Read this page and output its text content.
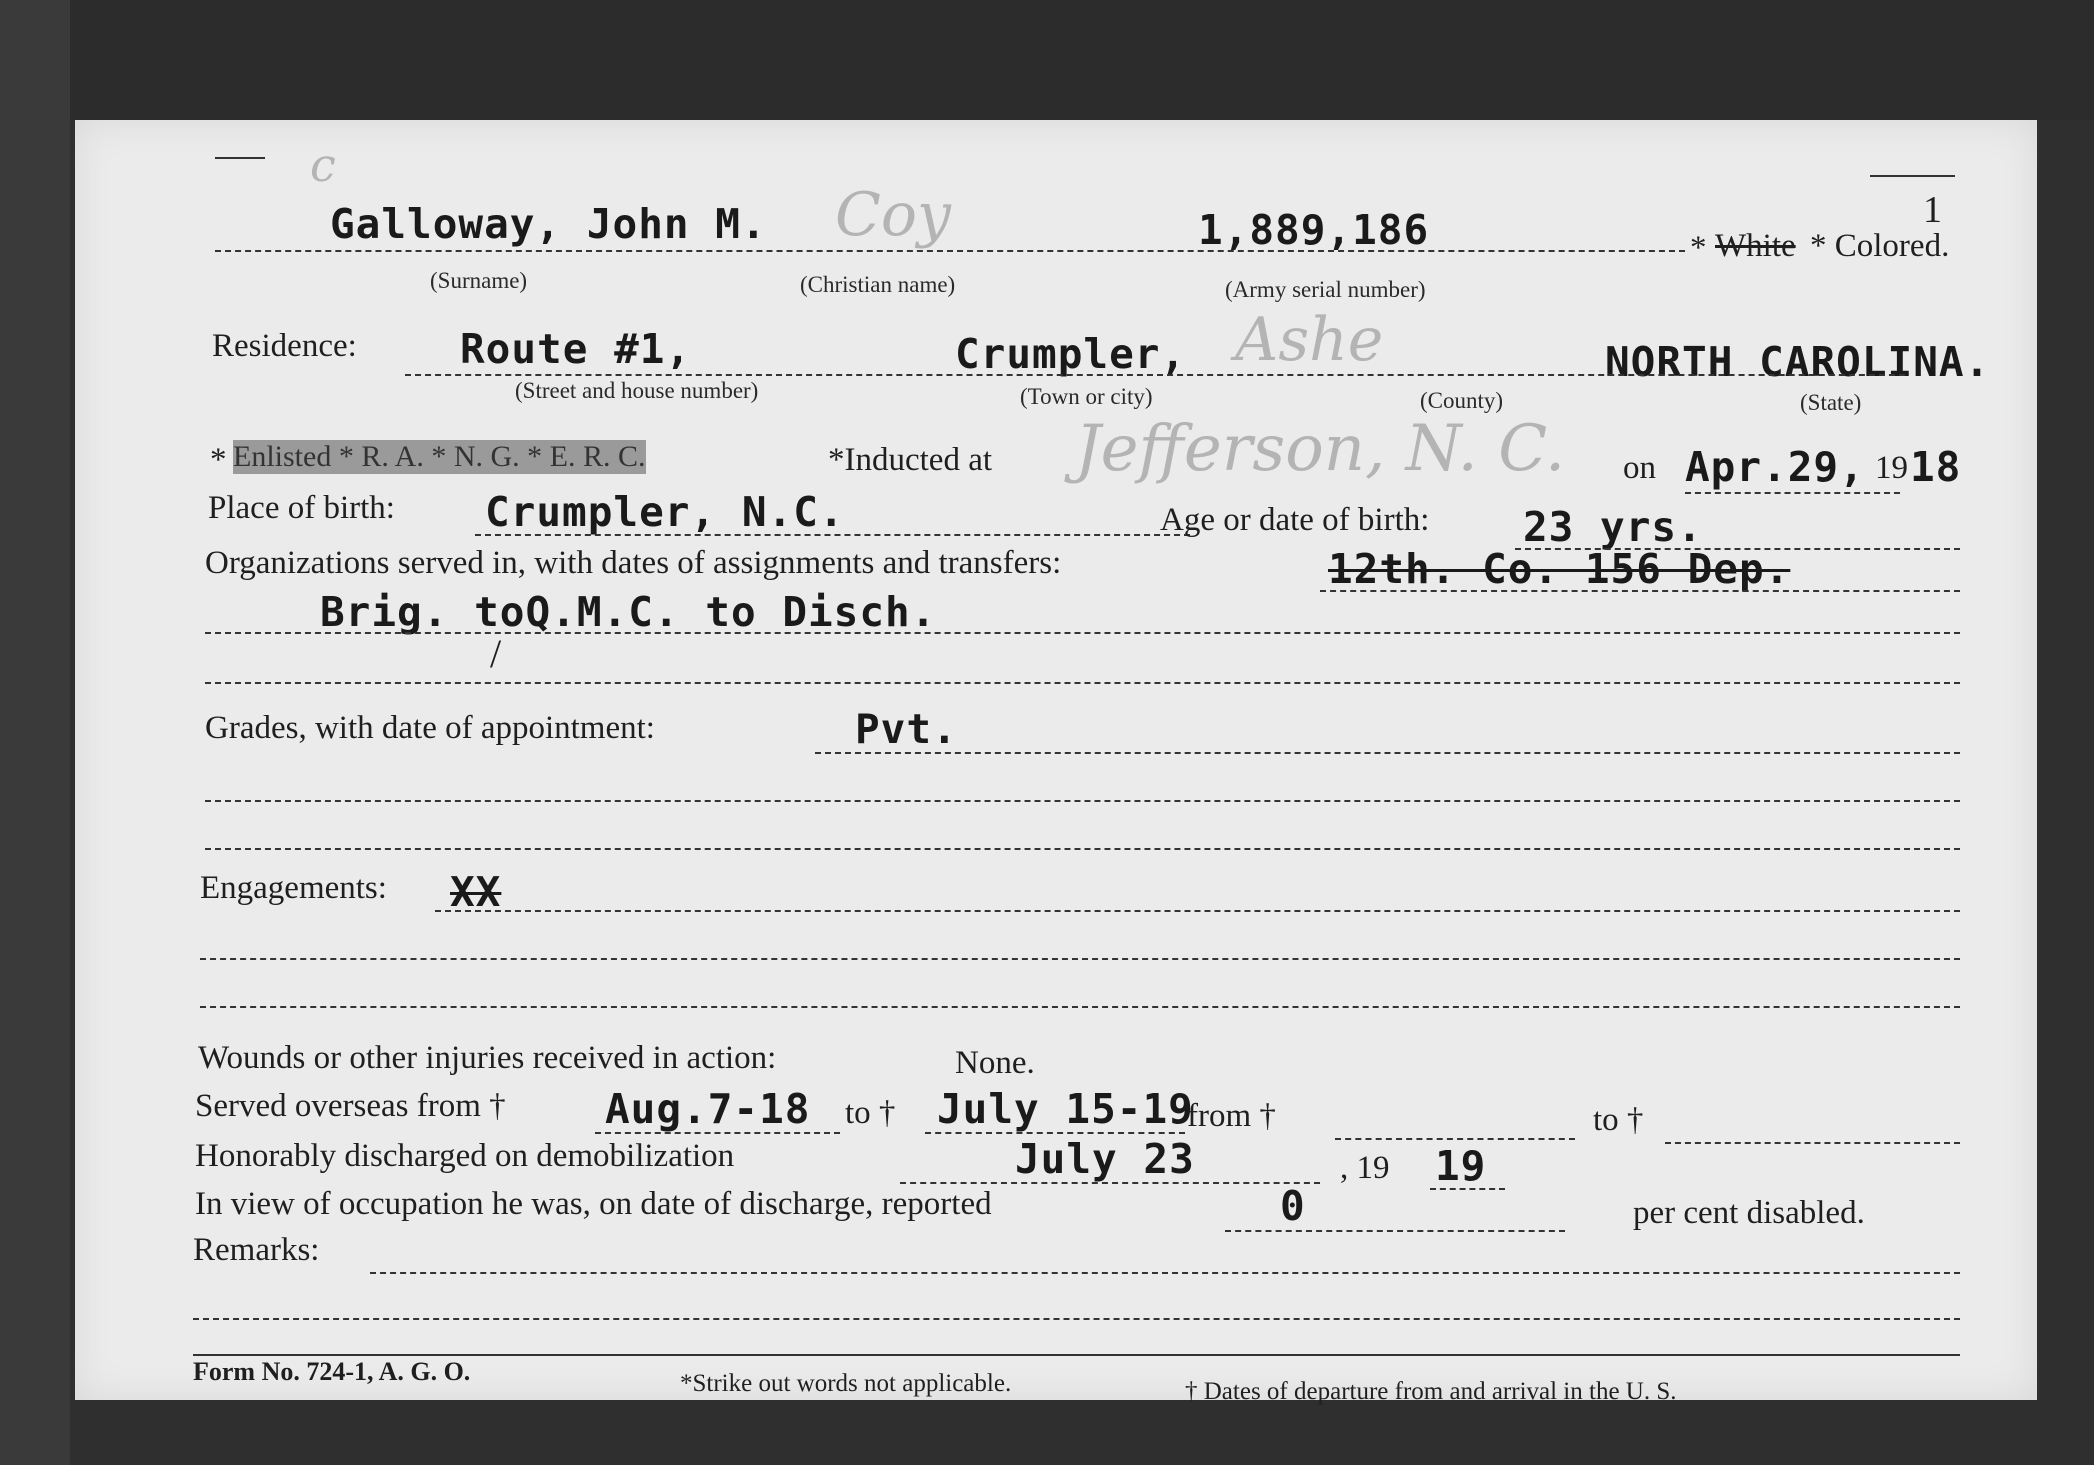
c
1
Galloway, John M. Coy	1,889,186	* White * Colored.
(Surname)	(Christian name)	(Army serial number)
Residence:	Route #1,	Crumpler, Ashe	NORTH CAROLINA.
(Street and house number)	(Town or city)	(County)	(State)
* Enlisted * R. A. * N. G. * E. R. C.	*Inducted at Jefferson, N. C. on Apr.29, 19 18
Place of birth: Crumpler, N.C.	Age or date of birth: 23 yrs.
Organizations served in, with dates of assignments and transfers:	12th. Co. 156 Dep.
Brig. toQ.M.C. to Disch.
/
Grades, with date of appointment:	Pvt.
Engagements: XX
Wounds or other injuries received in action:	None.
Served overseas from † Aug.7-18 to † July 15-19
from †	to †
Honorably discharged on demobilization	July 23	, 19 19
In view of occupation he was, on date of discharge, reported	0	per cent disabled.
Remarks:
Form No. 724-1, A. G. O.	*Strike out words not applicable.	† Dates of departure from and arrival in the U. S.
